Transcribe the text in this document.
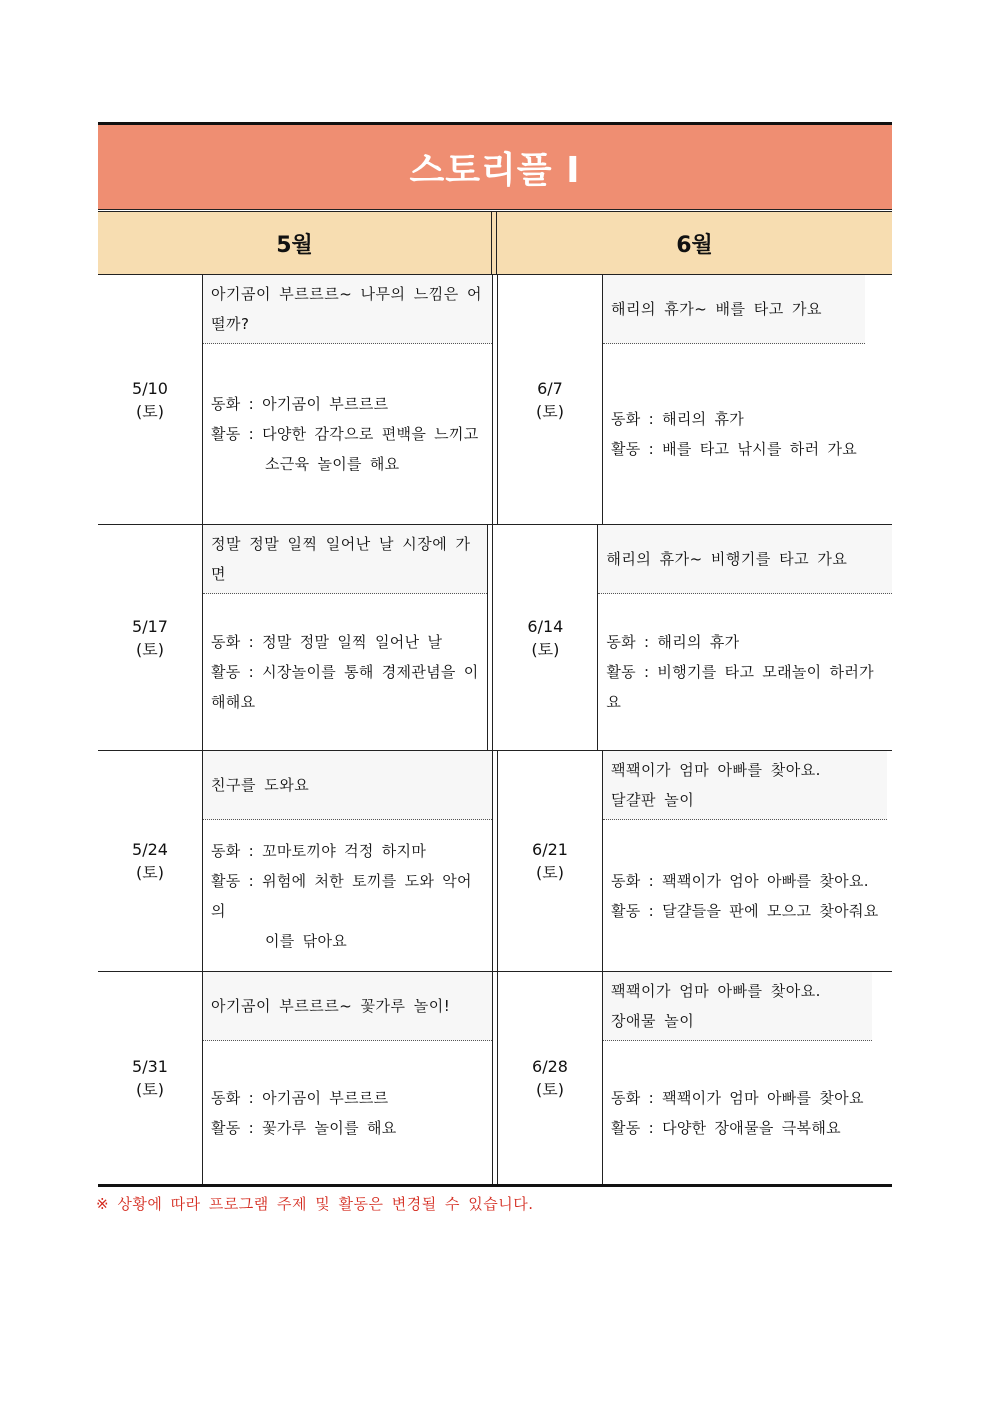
스토리플 Ⅰ
5월	6월
5/10
(토)
아기곰이 부르르르~ 나무의 느낌은 어떨까?
동화 : 아기곰이 부르르르
활동 : 다양한 감각으로 편백을 느끼고
소근육 놀이를 해요
6/7
(토)
해리의 휴가~ 배를 타고 가요
동화 : 해리의 휴가
활동 : 배를 타고 낚시를 하러 가요
5/17
(토)
정말 정말 일찍 일어난 날 시장에 가면
동화 : 정말 정말 일찍 일어난 날
활동 : 시장놀이를 통해 경제관념을 이해해요
6/14
(토)
해리의 휴가~ 비행기를 타고 가요
동화 : 해리의 휴가
활동 : 비행기를 타고 모래놀이 하러가요
5/24
(토)
친구를 도와요
동화 : 꼬마토끼야 걱정 하지마
활동 : 위험에 처한 토끼를 도와 악어의
이를 닦아요
6/21
(토)
꽥꽥이가 엄마 아빠를 찾아요.
달걀판 놀이
동화 : 꽥꽥이가 엄아 아빠를 찾아요.
활동 : 달걀들을 판에 모으고 찾아줘요
5/31
(토)
아기곰이 부르르르~ 꽃가루 놀이!
동화 : 아기곰이 부르르르
활동 : 꽃가루 놀이를 해요
6/28
(토)
꽥꽥이가 엄마 아빠를 찾아요.
장애물 놀이
동화 : 꽥꽥이가 엄마 아빠를 찾아요
활동 : 다양한 장애물을 극복해요
※ 상황에 따라 프로그램 주제 및 활동은 변경될 수 있습니다.
